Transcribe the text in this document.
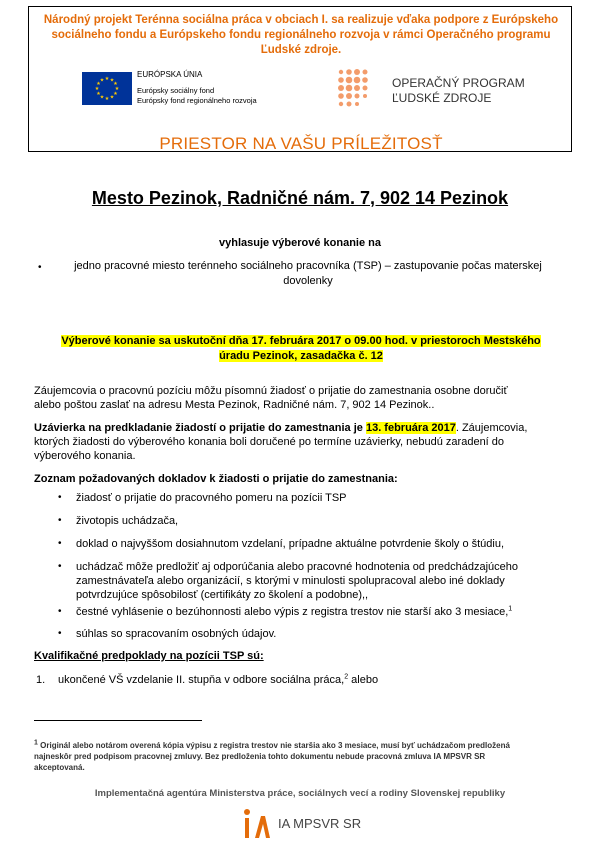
Národný projekt Terénna sociálna práca v obciach I. sa realizuje vďaka podpore z Európskeho
sociálneho fondu a Európskeho fondu regionálneho rozvoja v rámci Operačného programu
Ľudské zdroje.
PRIESTOR NA VAŠU PRÍLEŽITOSŤ
★ ★
★
★
★
★
★
★
★
★
★
★
EURÓPSKA ÚNIA
Európsky sociálny fond
Európsky fond regionálneho rozvoja
OPERAČNÝ PROGRAM
ĽUDSKÉ ZDROJE
Mesto Pezinok, Radničné nám. 7, 902 14 Pezinok
vyhlasuje výberové konanie na
•	jedno pracovné miesto terénneho sociálneho pracovníka (TSP) – zastupovanie počas materskej
dovolenky
Výberové konanie sa uskutoční dňa 17. februára 2017 o 09.00 hod. v priestoroch Mestského
úradu Pezinok, zasadačka č. 12
Záujemcovia o pracovnú pozíciu môžu písomnú žiadosť o prijatie do zamestnania osobne doručiť
alebo poštou zaslať na adresu Mesta Pezinok, Radničné nám. 7, 902 14 Pezinok..
Uzávierka na predkladanie žiadostí o prijatie do zamestnania je 13. februára 2017. Záujemcovia,
ktorých žiadosti do výberového konania boli doručené po termíne uzávierky, nebudú zaradení do
výberového konania.
Zoznam požadovaných dokladov k žiadosti o prijatie do zamestnania:
• žiadosť o prijatie do pracovného pomeru na pozícii TSP
• životopis uchádzača,
• doklad o najvyššom dosiahnutom vzdelaní, prípadne aktuálne potvrdenie školy o štúdiu,
• uchádzač môže predložiť aj odporúčania alebo pracovné hodnotenia od predchádzajúceho
zamestnávateľa alebo organizácií, s ktorými v minulosti spolupracoval alebo iné doklady
potvrdzujúce spôsobilosť (certifikáty zo školení a podobne),,
• čestné vyhlásenie o bezúhonnosti alebo výpis z registra trestov nie starší ako 3 mesiace,$^1$
• súhlas so spracovaním osobných údajov.
Kvalifikačné predpoklady na pozícii TSP sú:
1. ukončené VŠ vzdelanie II. stupňa v odbore sociálna práca,$^2$ alebo
$^1$ Originál alebo notárom overená kópia výpisu z registra trestov nie staršia ako 3 mesiace, musí byť uchádzačom predložená
najneskôr pred podpisom pracovnej zmluvy. Bez predloženia tohto dokumentu nebude pracovná zmluva IA MPSVR SR
akceptovaná.
Implementačná agentúra Ministerstva práce, sociálnych vecí a rodiny Slovenskej republiky
IA MPSVR SR
